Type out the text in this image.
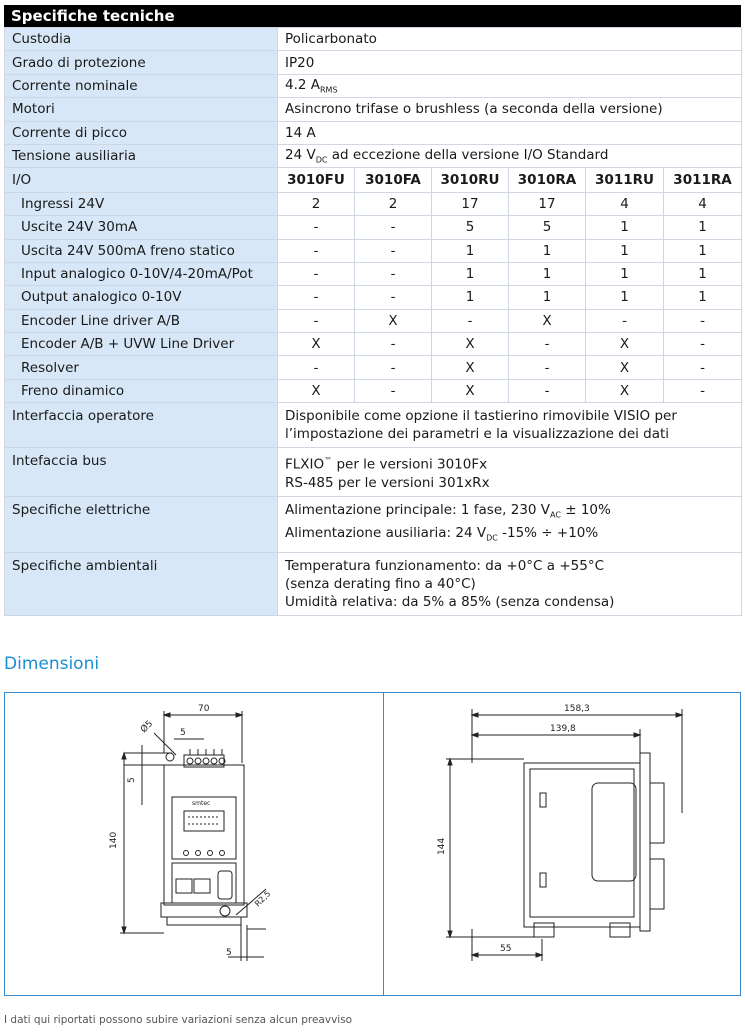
Specifiche tecniche
Custodia	Policarbonato					
Grado di protezione	IP20					
Corrente nominale	4.2 $A_{RMS}$
Motori	Asincrono trifase o brushless (a seconda della versione)					
Corrente di picco	14 A					
Tensione ausiliaria	24 $V_{DC}$ ad eccezione della versione I/O Standard					
I/O	3010FU	3010FA	3010RU	3010RA	3011RU	3011RA
Ingressi 24V	2	2	17	17	4	4
Uscite 24V 30mA	-	-	5	5	1	1
Uscita 24V 500mA freno statico	-	-	1	1	1	1
Input analogico 0-10V/4-20mA/Pot	-	-	1	1	1	1
Output analogico 0-10V	-	-	1	1	1	1
Encoder Line driver A/B	-	X	-	X	-	-
Encoder A/B + UVW Line Driver	X	-	X	-	X	-
Resolver	-	-	X	-	X	-
Freno dinamico	X	-	X	-	X	-
Interfaccia operatore	Disponibile come opzione il tastierino rimovibile VISIO per
l’impostazione dei parametri e la visualizzazione dei dati					

Intefaccia bus	FLXIO™ per le versioni 3010Fx
RS-485 per le versioni 301xRx					

Specifiche elettriche	Alimentazione principale: 1 fase, 230 $V_{AC} \pm 10\%$
Alimentazione ausiliaria: 24 $V_{DC}$ -15% ÷ +10%					

Specifiche ambientali	Temperatura funzionamento: da +0°C a +55°C
(senza derating fino a 40°C)
Umidità relativa: da 5% a 85% (senza condensa)					
Dimensioni
70
Ø5	5
5
140
R2,5
5
smtec
158,3
139,8
144
55
I dati qui riportati possono subire variazioni senza alcun preavviso
